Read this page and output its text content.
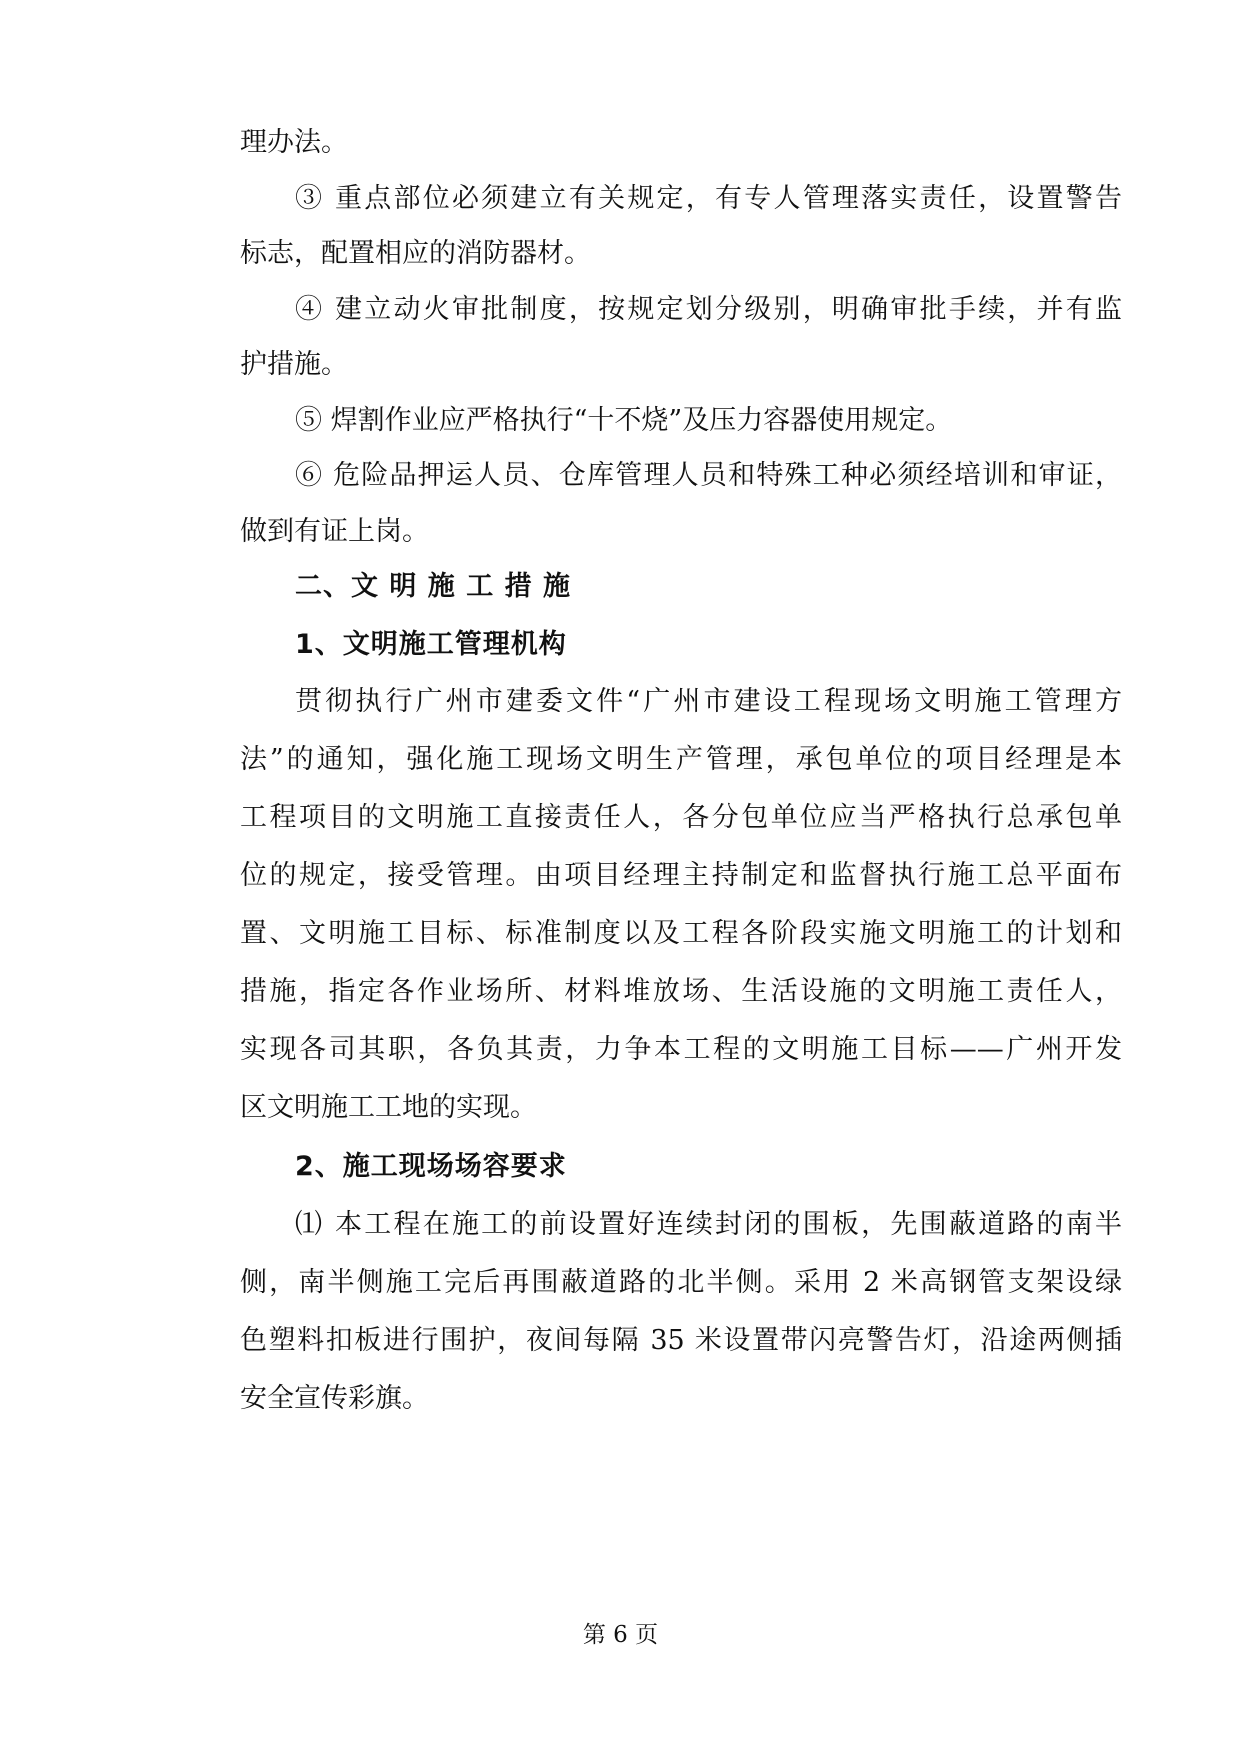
理办法。
③ 重点部位必须建立有关规定，有专人管理落实责任，设置警告
标志，配置相应的消防器材。
④ 建立动火审批制度，按规定划分级别，明确审批手续，并有监
护措施。
⑤ 焊割作业应严格执行“十不烧”及压力容器使用规定。
⑥ 危险品押运人员、仓库管理人员和特殊工种必须经培训和审证，
做到有证上岗。
二、文 明 施 工 措 施
1、文明施工管理机构
贯彻执行广州市建委文件“广州市建设工程现场文明施工管理方
法”的通知，强化施工现场文明生产管理，承包单位的项目经理是本
工程项目的文明施工直接责任人，各分包单位应当严格执行总承包单
位的规定，接受管理。由项目经理主持制定和监督执行施工总平面布
置、文明施工目标、标准制度以及工程各阶段实施文明施工的计划和
措施，指定各作业场所、材料堆放场、生活设施的文明施工责任人，
实现各司其职，各负其责，力争本工程的文明施工目标——广州开发
区文明施工工地的实现。
2、施工现场场容要求
⑴ 本工程在施工的前设置好连续封闭的围板，先围蔽道路的南半
侧，南半侧施工完后再围蔽道路的北半侧。采用 2 米高钢管支架设绿
色塑料扣板进行围护，夜间每隔 35 米设置带闪亮警告灯，沿途两侧插
安全宣传彩旗。
第 6 页
